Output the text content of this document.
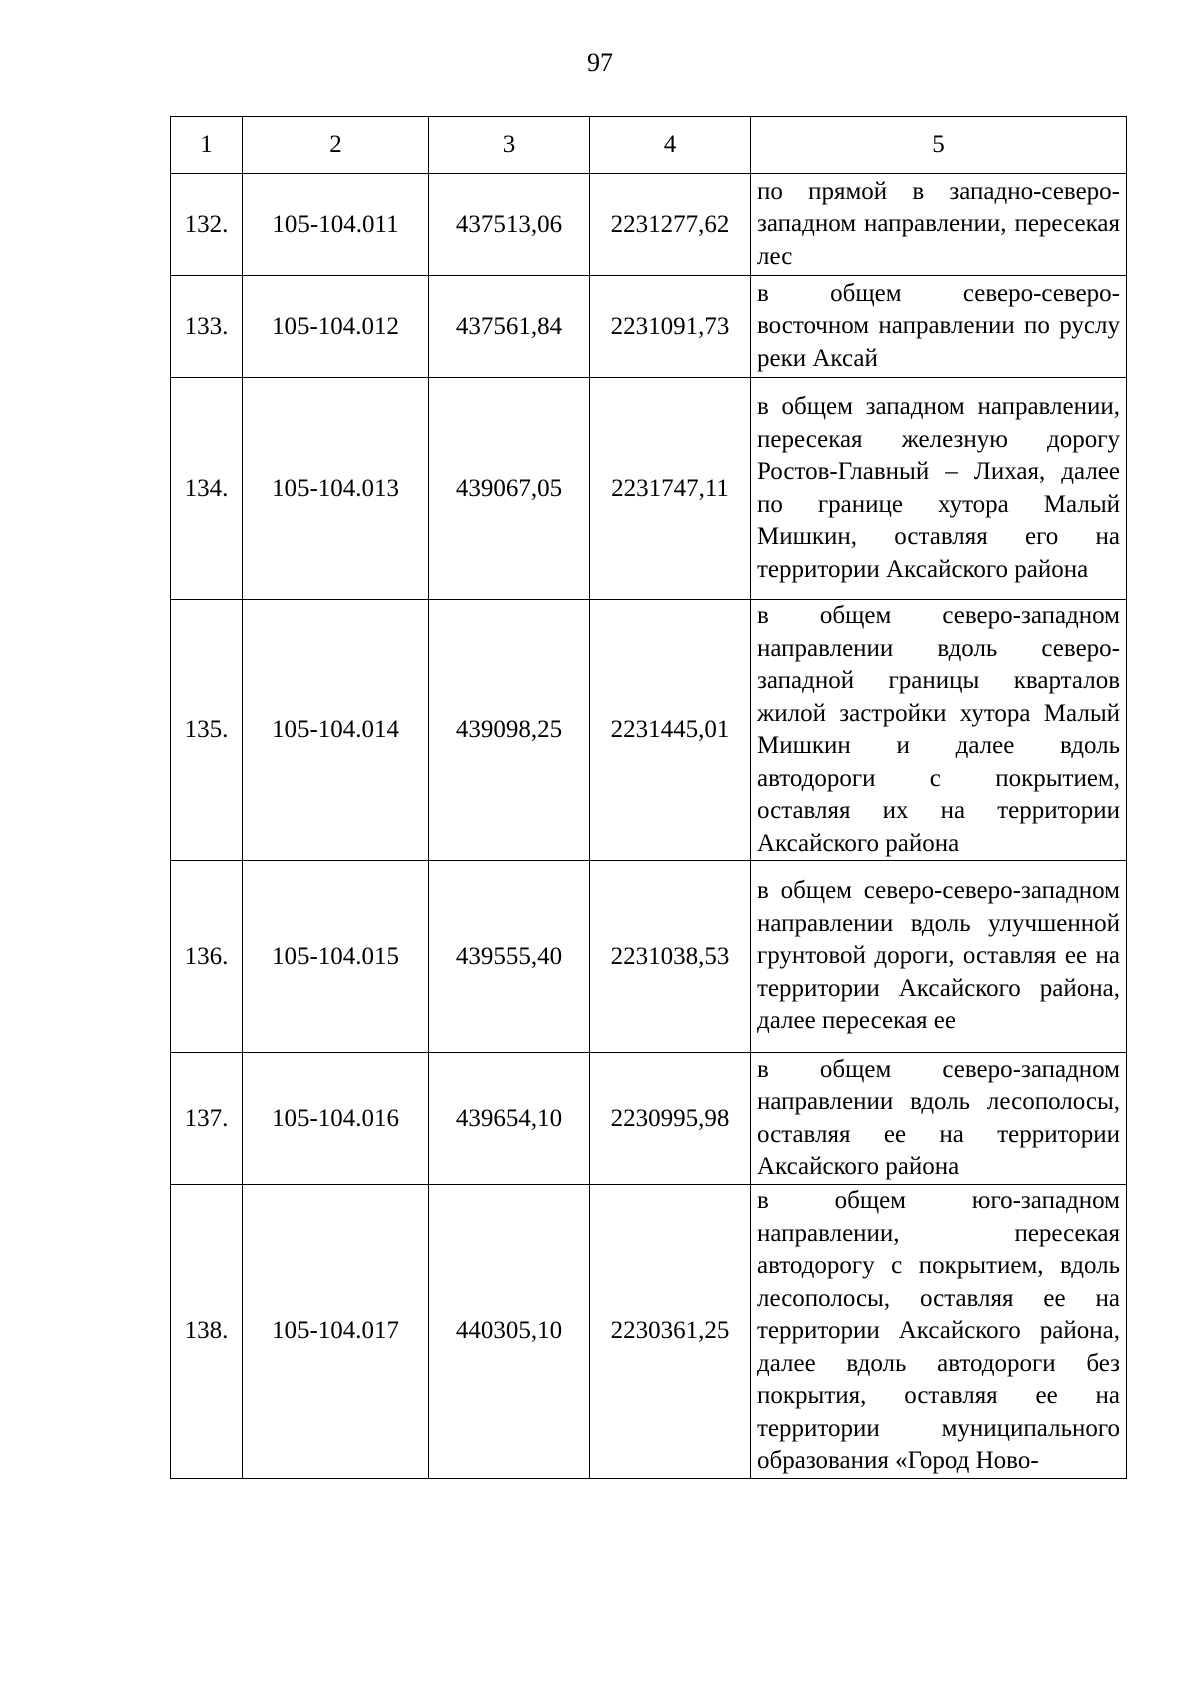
97
1	2	3	4	5
132.	105-104.011	437513,06	2231277,62	по прямой в западно-северо-западном направлении, пересекая лес
133.	105-104.012	437561,84	2231091,73	в общем северо-северо-восточном направлении по руслу реки Аксай
134.	105-104.013	439067,05	2231747,11	в общем западном направлении, пересекая железную дорогу Ростов-Главный – Лихая, далее по границе хутора Малый Мишкин, оставляя его на территории Аксайского района
135.	105-104.014	439098,25	2231445,01	в общем северо-западном направлении вдоль северо-западной границы кварталов жилой застройки хутора Малый Мишкин и далее вдоль автодороги с покрытием, оставляя их на территории Аксайского района
136.	105-104.015	439555,40	2231038,53	в общем северо-северо-западном направлении вдоль улучшенной грунтовой дороги, оставляя ее на территории Аксайского района, далее пересекая ее
137.	105-104.016	439654,10	2230995,98	в общем северо-западном направлении вдоль лесополосы, оставляя ее на территории Аксайского района
138.	105-104.017	440305,10	2230361,25	в общем юго-западном направлении, пересекая автодорогу с покрытием, вдоль лесополосы, оставляя ее на территории Аксайского района, далее вдоль автодороги без покрытия, оставляя ее на территории муниципального образования «Город Ново-
